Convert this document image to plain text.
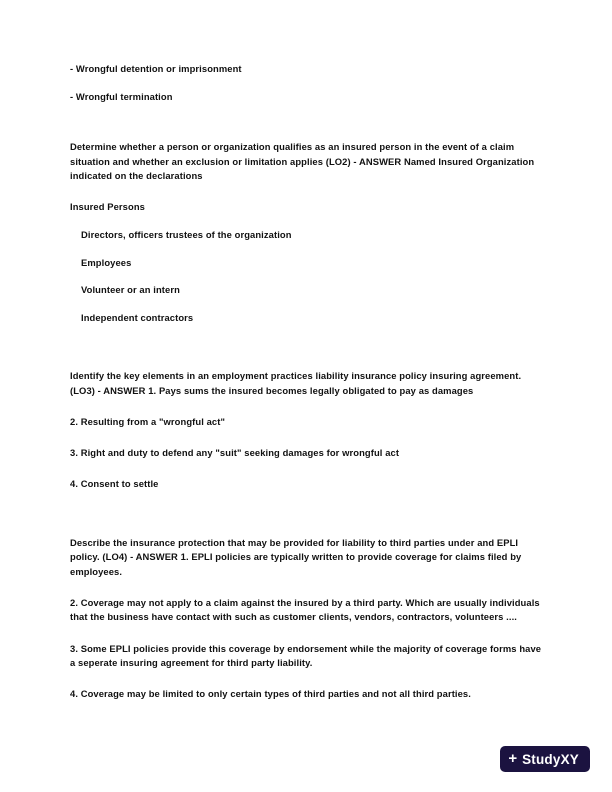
- Wrongful detention or imprisonment

- Wrongful termination

Determine whether a person or organization qualifies as an insured person in the event of a claim situation and whether an exclusion or limitation applies (LO2) - ANSWER Named Insured Organization indicated on the declarations

Insured Persons

Directors, officers trustees of the organization

Employees

Volunteer or an intern

Independent contractors

Identify the key elements in an employment practices liability insurance policy insuring agreement. (LO3) - ANSWER 1. Pays sums the insured becomes legally obligated to pay as damages

2. Resulting from a "wrongful act"

3. Right and duty to defend any "suit" seeking damages for wrongful act

4. Consent to settle

Describe the insurance protection that may be provided for liability to third parties under and EPLI policy. (LO4) - ANSWER 1. EPLI policies are typically written to provide coverage for claims filed by employees.

2. Coverage may not apply to a claim against the insured by a third party. Which are usually individuals that the business have contact with such as customer clients, vendors, contractors, volunteers ....

3. Some EPLI policies provide this coverage by endorsement while the majority of coverage forms have a seperate insuring agreement for third party liability.

4. Coverage may be limited to only certain types of third parties and not all third parties.

+ StudyXY
